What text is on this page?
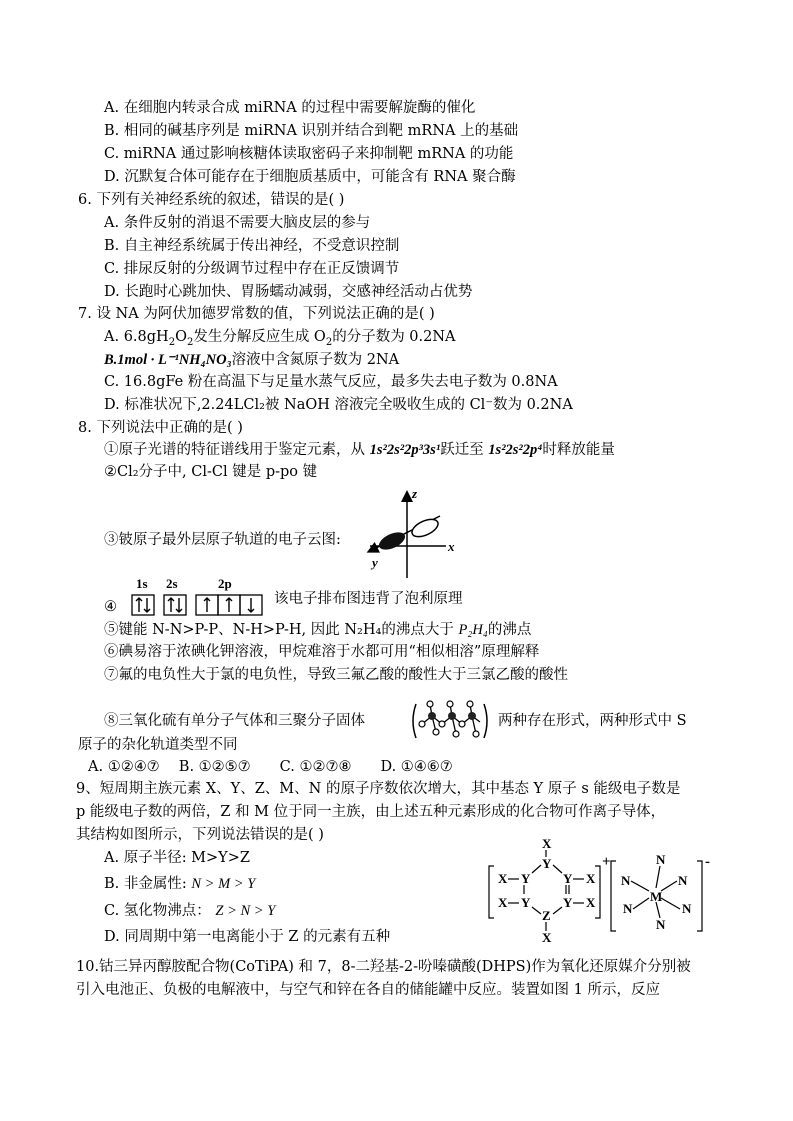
A. 在细胞内转录合成 miRNA 的过程中需要解旋酶的催化
B. 相同的碱基序列是 miRNA 识别并结合到靶 mRNA 上的基础
C. miRNA 通过影响核糖体读取密码子来抑制靶 mRNA 的功能
D. 沉默复合体可能存在于细胞质基质中，可能含有 RNA 聚合酶
6. 下列有关神经系统的叙述，错误的是( )
A. 条件反射的消退不需要大脑皮层的参与
B. 自主神经系统属于传出神经，不受意识控制
C. 排尿反射的分级调节过程中存在正反馈调节
D. 长跑时心跳加快、胃肠蠕动减弱，交感神经活动占优势
7. 设 NA 为阿伏加德罗常数的值，下列说法正确的是( )
A. $6.8gH_2O_2$发生分解反应生成 $O_2$的分子数为 0.2NA
B.1mol · L⁻¹NH₄NO₃溶液中含氮原子数为 2NA
C. 16.8gFe 粉在高温下与足量水蒸气反应，最多失去电子数为 0.8NA
D. 标准状况下,2.24LCl₂被 NaOH 溶液完全吸收生成的 Cl⁻数为 0.2NA
8. 下列说法中正确的是( )
①原子光谱的特征谱线用于鉴定元素，从 1s²2s²2p³3s¹跃迁至 1s²2s²2p⁴时释放能量
②Cl₂分子中, Cl-Cl 键是 p-po 键
③铍原子最外层原子轨道的电子云图:
z
x
y
④
1s 2s	2p
该电子排布图违背了泡利原理
⑤键能 N-N>P-P、N-H>P-H, 因此 N₂H₄的沸点大于 P₂H₄的沸点
⑥碘易溶于浓碘化钾溶液，甲烷难溶于水都可用“相似相溶”原理解释
⑦氟的电负性大于氯的电负性，导致三氟乙酸的酸性大于三氯乙酸的酸性
⑧三氧化硫有单分子气体和三聚分子固体	两种存在形式，两种形式中 S
原子的杂化轨道类型不同
A. ①②④⑦　 B. ①②⑤⑦　　C. ①②⑦⑧　　D. ①④⑥⑦
9、短周期主族元素 X、Y、Z、M、N 的原子序数依次增大，其中基态 Y 原子 s 能级电子数是
p 能级电子数的两倍，Z 和 M 位于同一主族，由上述五种元素形成的化合物可作离子导体，
其结构如图所示，下列说法错误的是( )
A. 原子半径: M>Y>Z
B. 非金属性: N > M > Y
C. 氢化物沸点： Z > N > Y
D. 同周期中第一电离能小于 Z 的元素有五种
X
Y
X Y	Y X
X Y	Y X
Z
X
+	N
N	N
M
N	N
N
-
10.钴三异丙醇胺配合物(CoTiPA) 和 7，8-二羟基-2-吩嗪磺酸(DHPS)作为氧化还原媒介分别被
引入电池正、负极的电解液中，与空气和锌在各自的储能罐中反应。装置如图 1 所示，反应
